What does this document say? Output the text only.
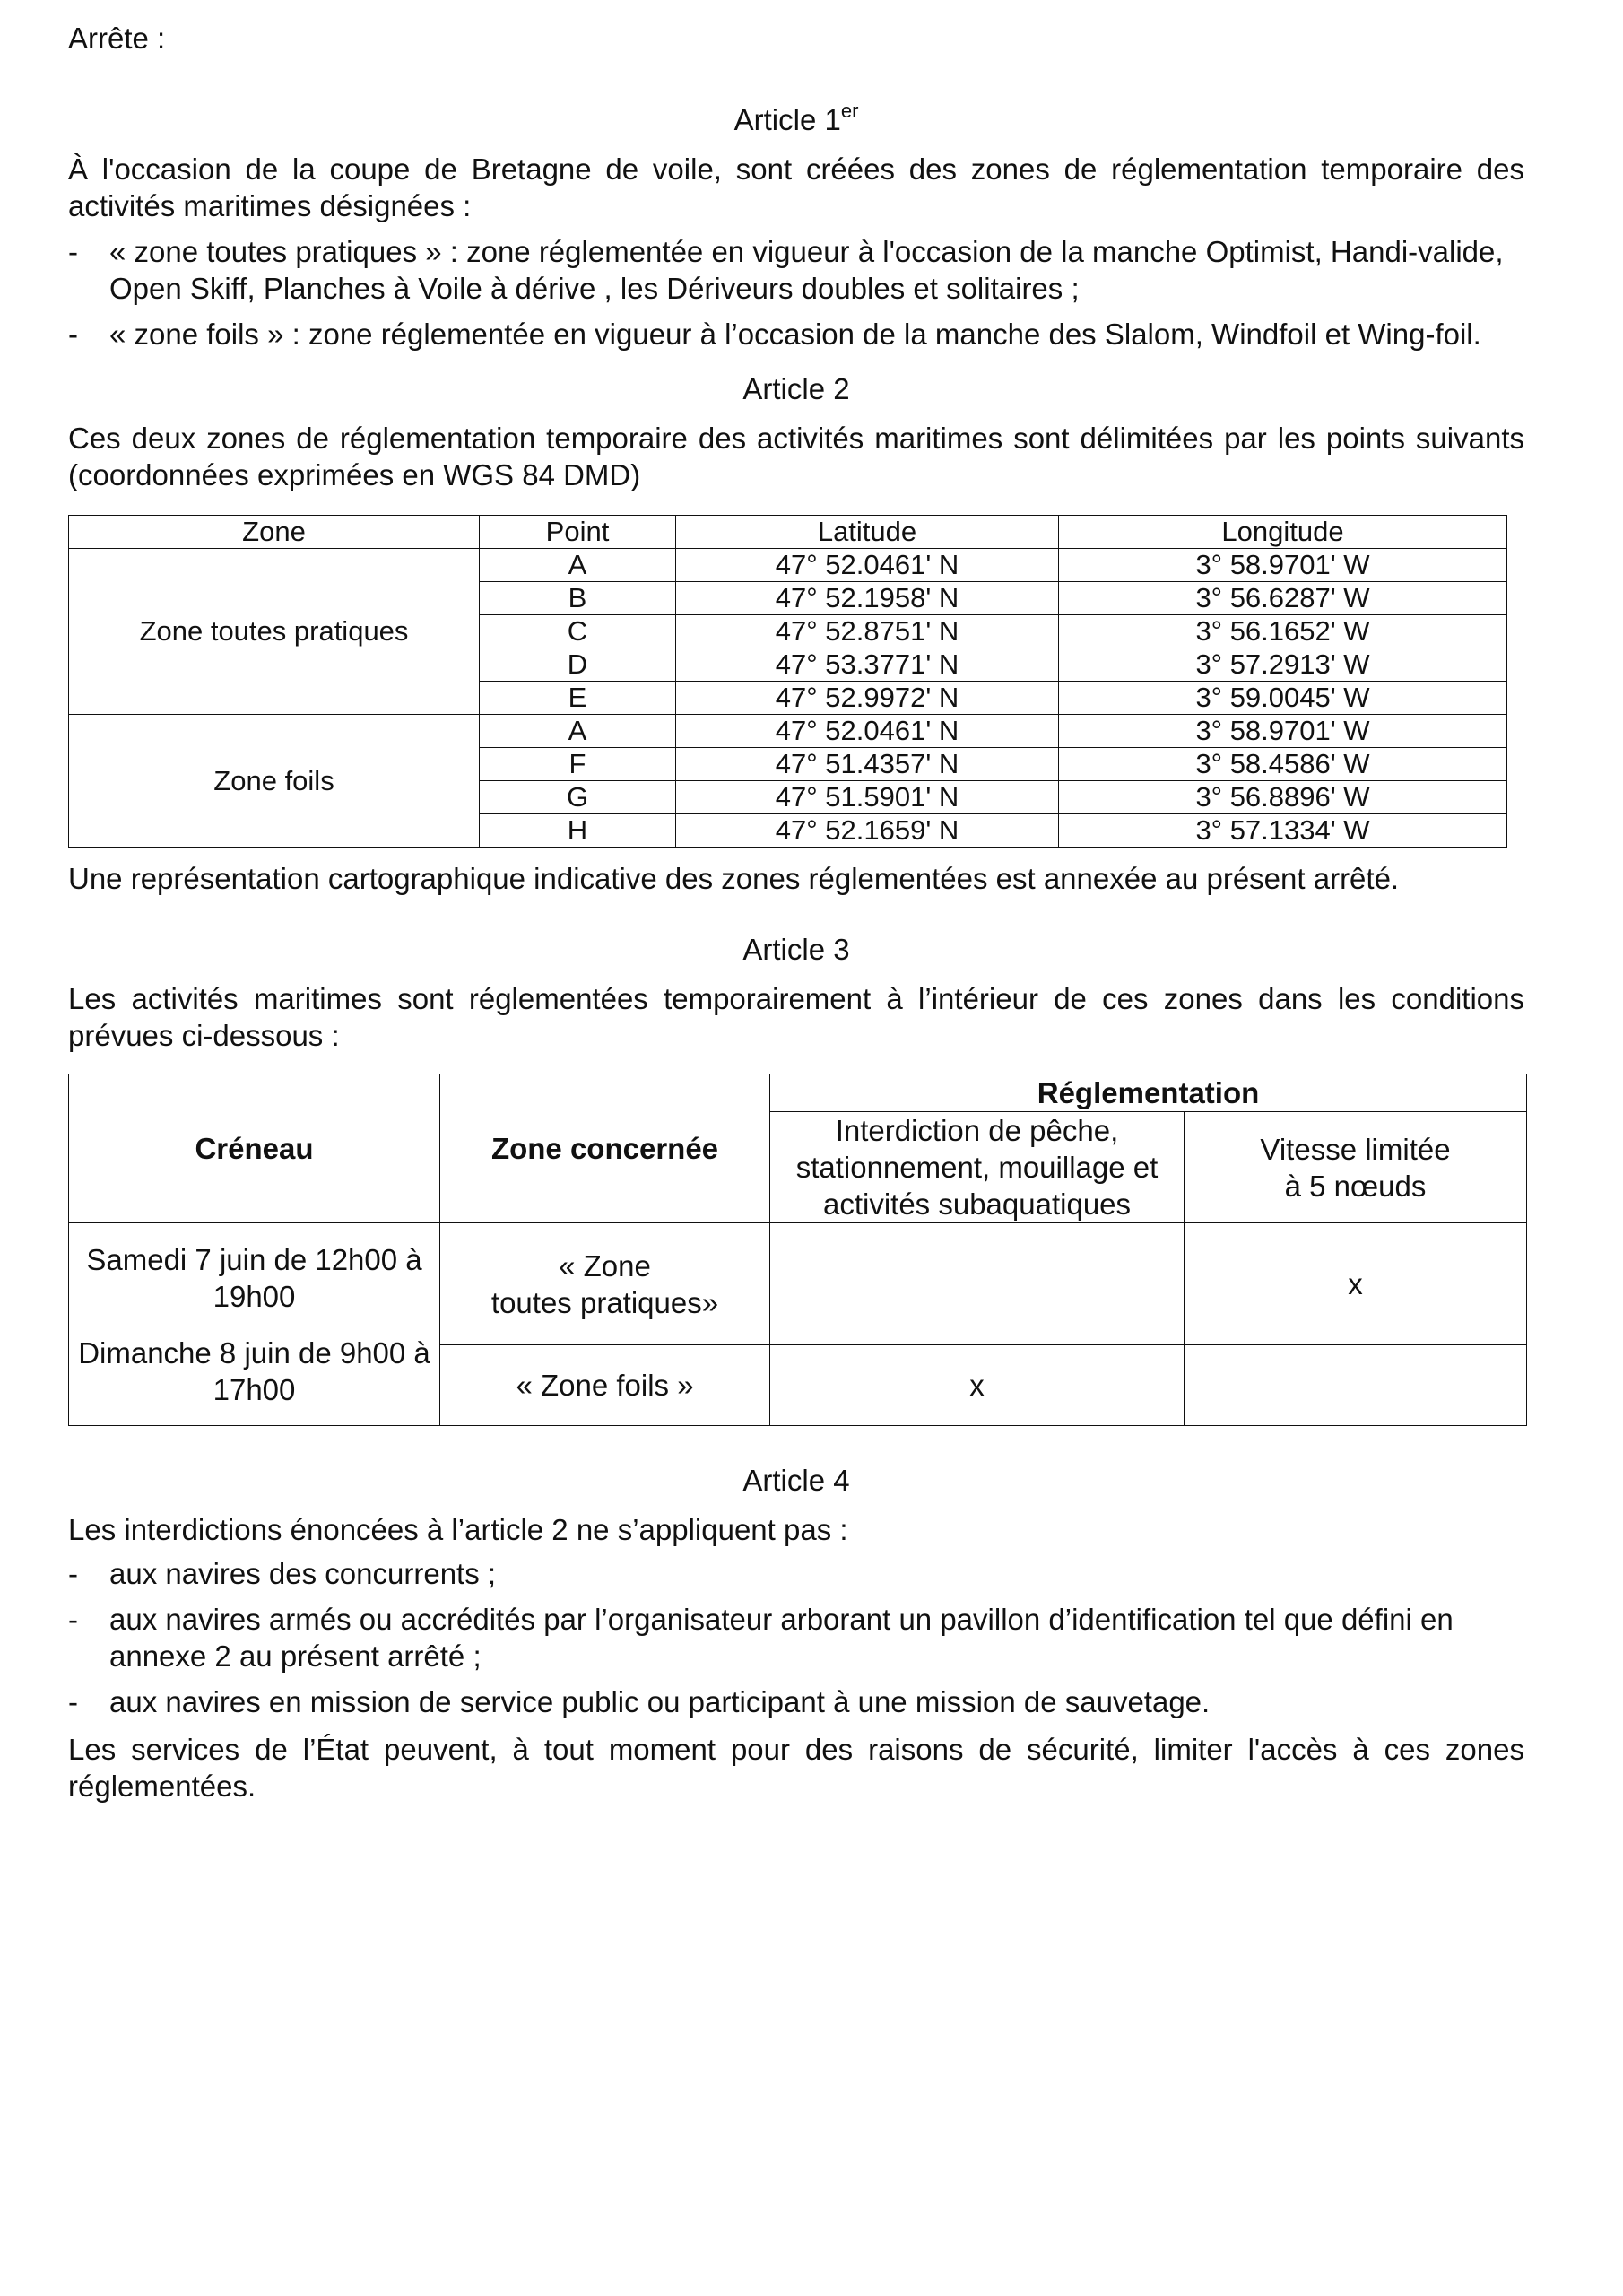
Arrête :

Article 1er

À l'occasion de la coupe de Bretagne de voile, sont créées des zones de réglementation temporaire des activités maritimes désignées :

- « zone toutes pratiques » : zone réglementée en vigueur à l'occasion de la manche Optimist, Handi-valide, Open Skiff, Planches à Voile à dérive , les Dériveurs doubles et solitaires ;
- « zone foils » : zone réglementée en vigueur à l’occasion de la manche des Slalom, Windfoil et Wing-foil.

Article 2

Ces deux zones de réglementation temporaire des activités maritimes sont délimitées par les points suivants (coordonnées exprimées en WGS 84 DMD)

Zone	Point	Latitude	Longitude
Zone toutes pratiques	A	47° 52.0461' N	3° 58.9701' W
	B	47° 52.1958' N	3° 56.6287' W
	C	47° 52.8751' N	3° 56.1652' W
	D	47° 53.3771' N	3° 57.2913' W
	E	47° 52.9972' N	3° 59.0045' W
Zone foils	A	47° 52.0461' N	3° 58.9701' W
	F	47° 51.4357' N	3° 58.4586' W
	G	47° 51.5901' N	3° 56.8896' W
	H	47° 52.1659' N	3° 57.1334' W

Une représentation cartographique indicative des zones réglementées est annexée au présent arrêté.

Article 3

Les activités maritimes sont réglementées temporairement à l’intérieur de ces zones dans les conditions prévues ci-dessous :

Créneau	Zone concernée	Réglementation	
		Interdiction de pêche, stationnement, mouillage et activités subaquatiques	Vitesse limitée
à 5 nœuds

Samedi 7 juin de 12h00 à 19h00
Dimanche 8 juin de 9h00 à 17h00	« Zone
toutes pratiques»		x
	« Zone foils »	x	

Article 4

Les interdictions énoncées à l’article 2 ne s’appliquent pas :

- aux navires des concurrents ;
- aux navires armés ou accrédités par l’organisateur arborant un pavillon d’identification tel que défini en annexe 2 au présent arrêté ;
- aux navires en mission de service public ou participant à une mission de sauvetage.

Les services de l’État peuvent, à tout moment pour des raisons de sécurité, limiter l'accès à ces zones réglementées.
